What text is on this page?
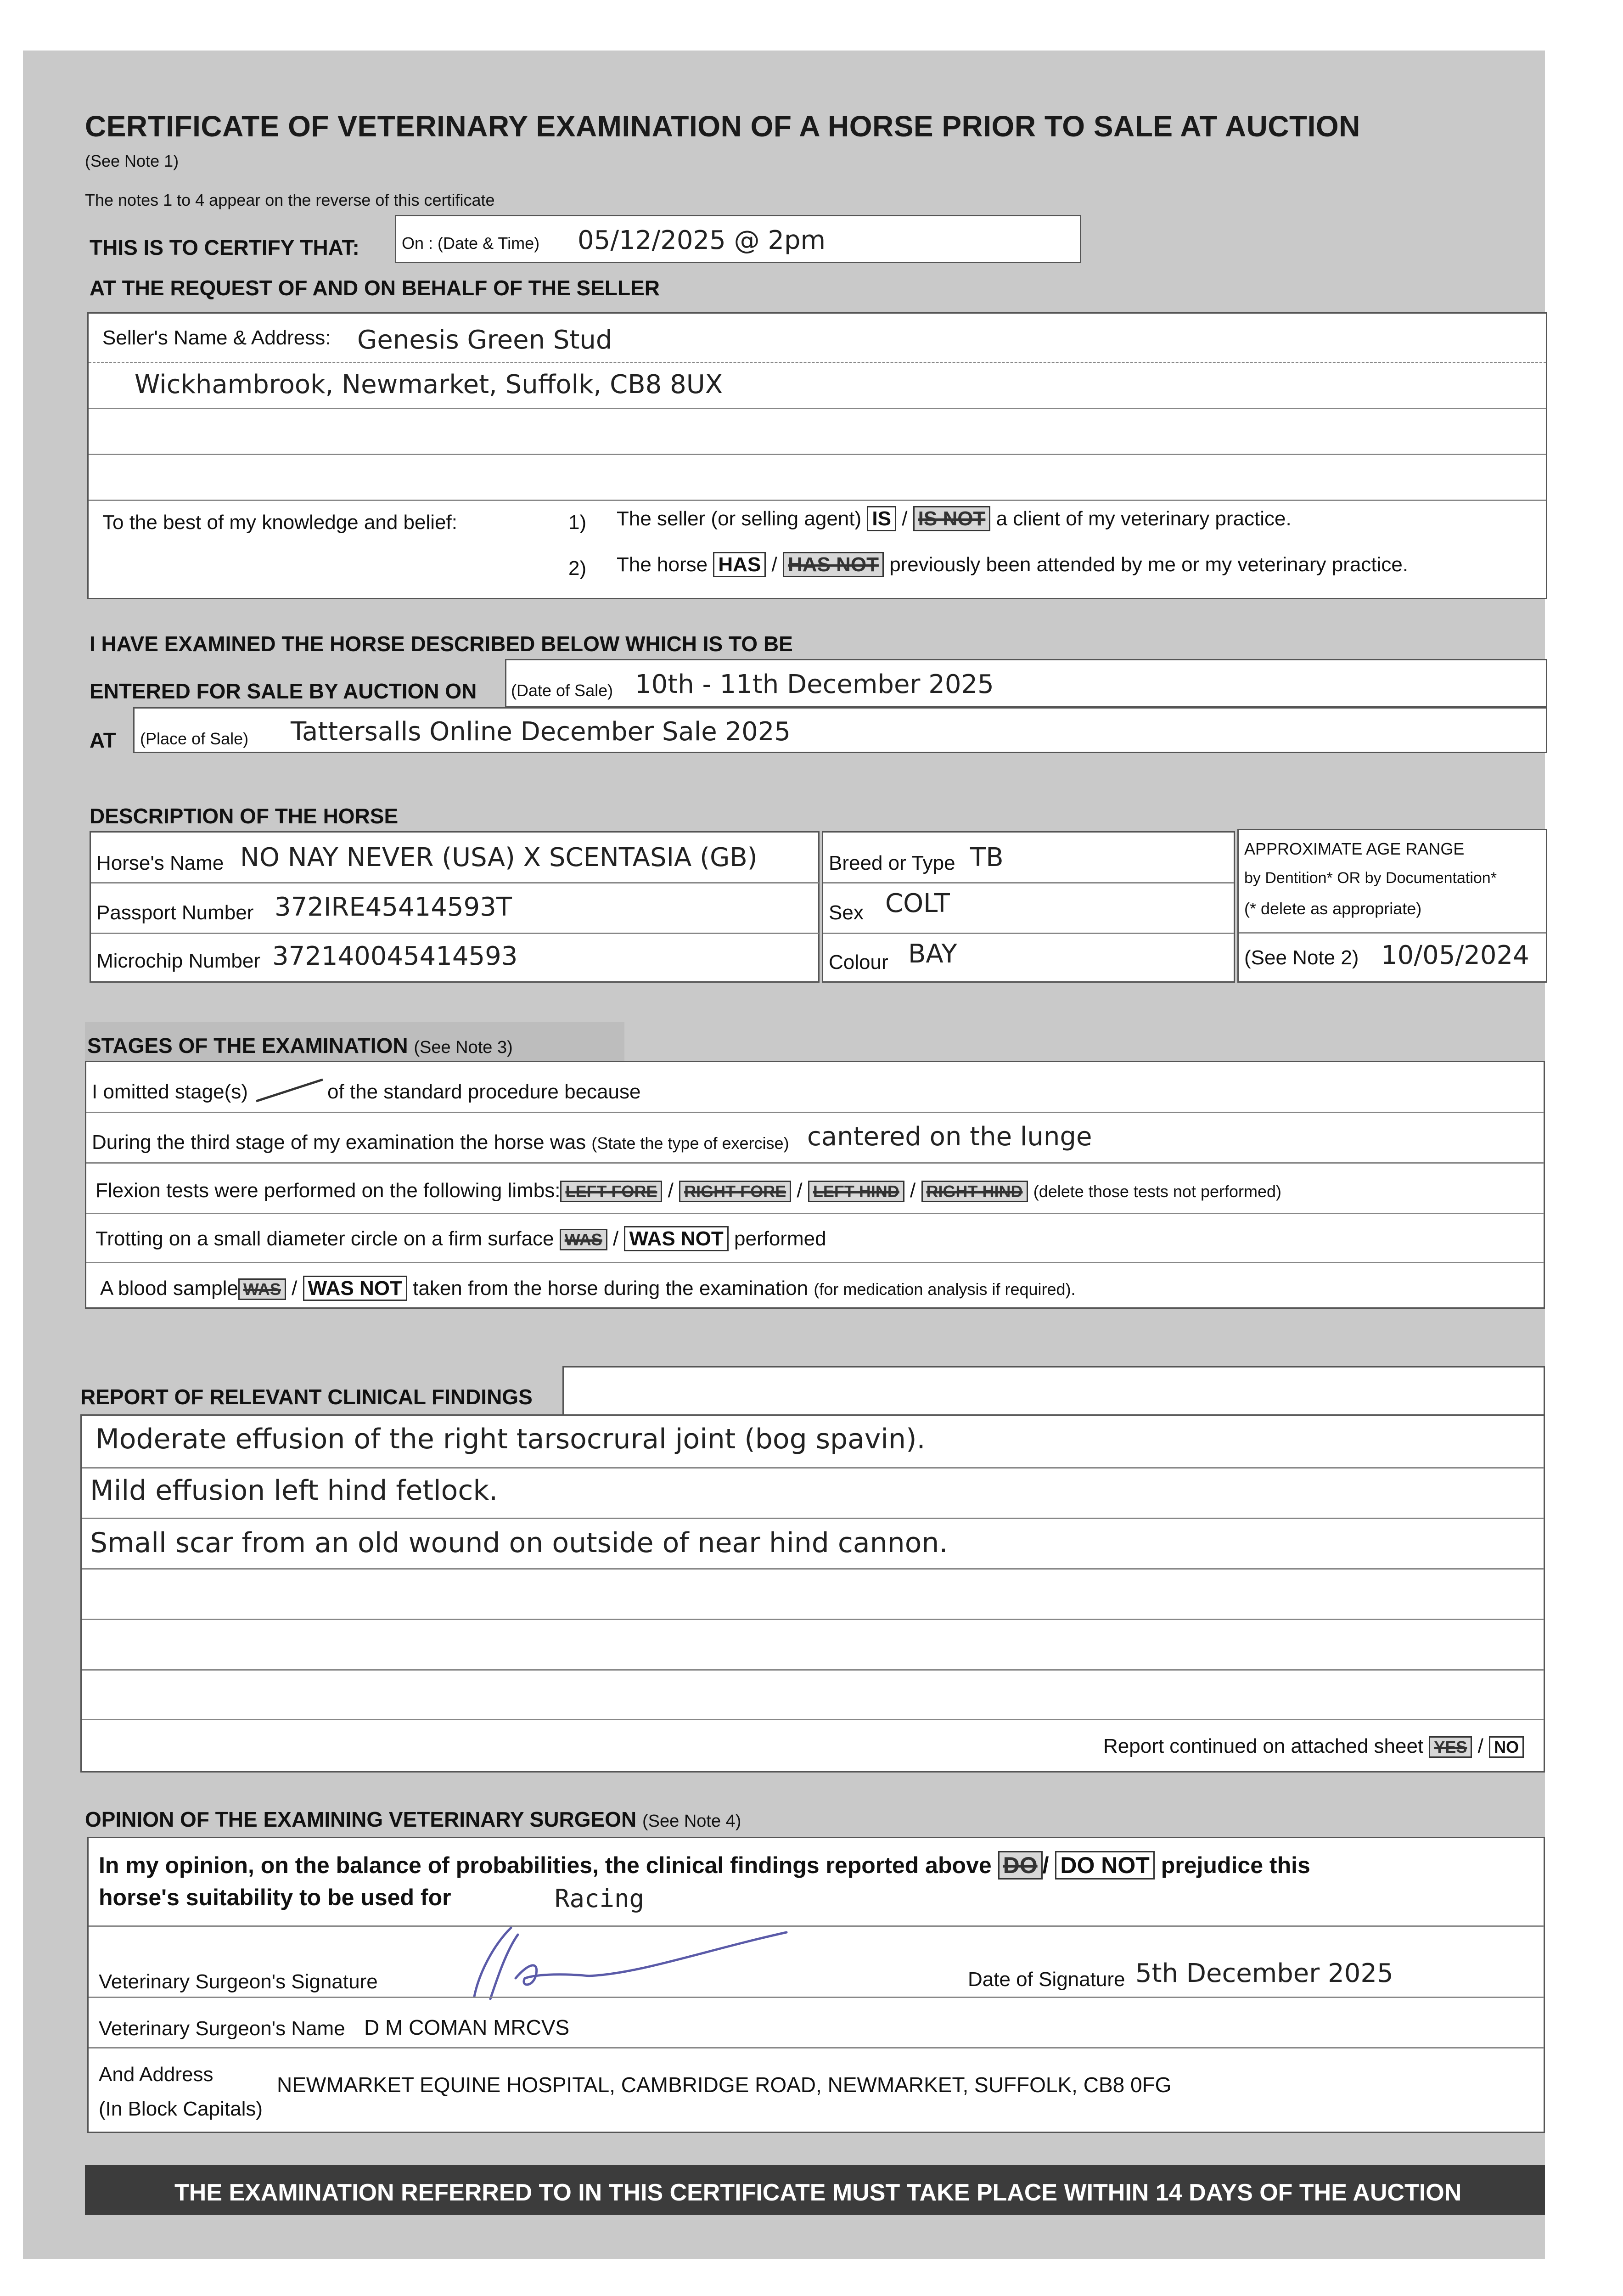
CERTIFICATE OF VETERINARY EXAMINATION OF A HORSE PRIOR TO SALE AT AUCTION
(See Note 1)
The notes 1 to 4 appear on the reverse of this certificate
THIS IS TO CERTIFY THAT:	On : (Date & Time) 05/12/2025 @ 2pm
AT THE REQUEST OF AND ON BEHALF OF THE SELLER
Seller's Name & Address: Genesis Green Stud
Wickhambrook, Newmarket, Suffolk, CB8 8UX
To the best of my knowledge and belief:	1) The seller (or selling agent) IS / IS NOT a client of my veterinary practice.
2) The horse HAS / HAS NOT previously been attended by me or my veterinary practice.
I HAVE EXAMINED THE HORSE DESCRIBED BELOW WHICH IS TO BE
ENTERED FOR SALE BY AUCTION ON (Date of Sale) 10th - 11th December 2025
AT (Place of Sale) Tattersalls Online December Sale 2025
DESCRIPTION OF THE HORSE
Horse's Name NO NAY NEVER (USA) X SCENTASIA (GB)
Passport Number 372IRE45414593T
Microchip Number 372140045414593
Breed or Type TB
Sex COLT
Colour BAY
APPROXIMATE AGE RANGE
by Dentition* OR by Documentation*
(* delete as appropriate)
(See Note 2) 10/05/2024
STAGES OF THE EXAMINATION (See Note 3)
I omitted stage(s)	of the standard procedure because
During the third stage of my examination the horse was (State the type of exercise) cantered on the lunge
Flexion tests were performed on the following limbs: LEFT FORE / RIGHT FORE / LEFT HIND / RIGHT HIND (delete those tests not performed)
Trotting on a small diameter circle on a firm surface WAS / WAS NOT performed
A blood sample WAS / WAS NOT taken from the horse during the examination (for medication analysis if required).
REPORT OF RELEVANT CLINICAL FINDINGS
Moderate effusion of the right tarsocrural joint (bog spavin).
Mild effusion left hind fetlock.
Small scar from an old wound on outside of near hind cannon.
Report continued on attached sheet YES / NO
OPINION OF THE EXAMINING VETERINARY SURGEON (See Note 4)
In my opinion, on the balance of probabilities, the clinical findings reported above DO / DO NOT prejudice this
horse's suitability to be used for	Racing
Veterinary Surgeon's Signature	Date of Signature 5th December 2025
Veterinary Surgeon's Name D M COMAN MRCVS
And Address
(In Block Capitals)
NEWMARKET EQUINE HOSPITAL, CAMBRIDGE ROAD, NEWMARKET, SUFFOLK, CB8 0FG
THE EXAMINATION REFERRED TO IN THIS CERTIFICATE MUST TAKE PLACE WITHIN 14 DAYS OF THE AUCTION
